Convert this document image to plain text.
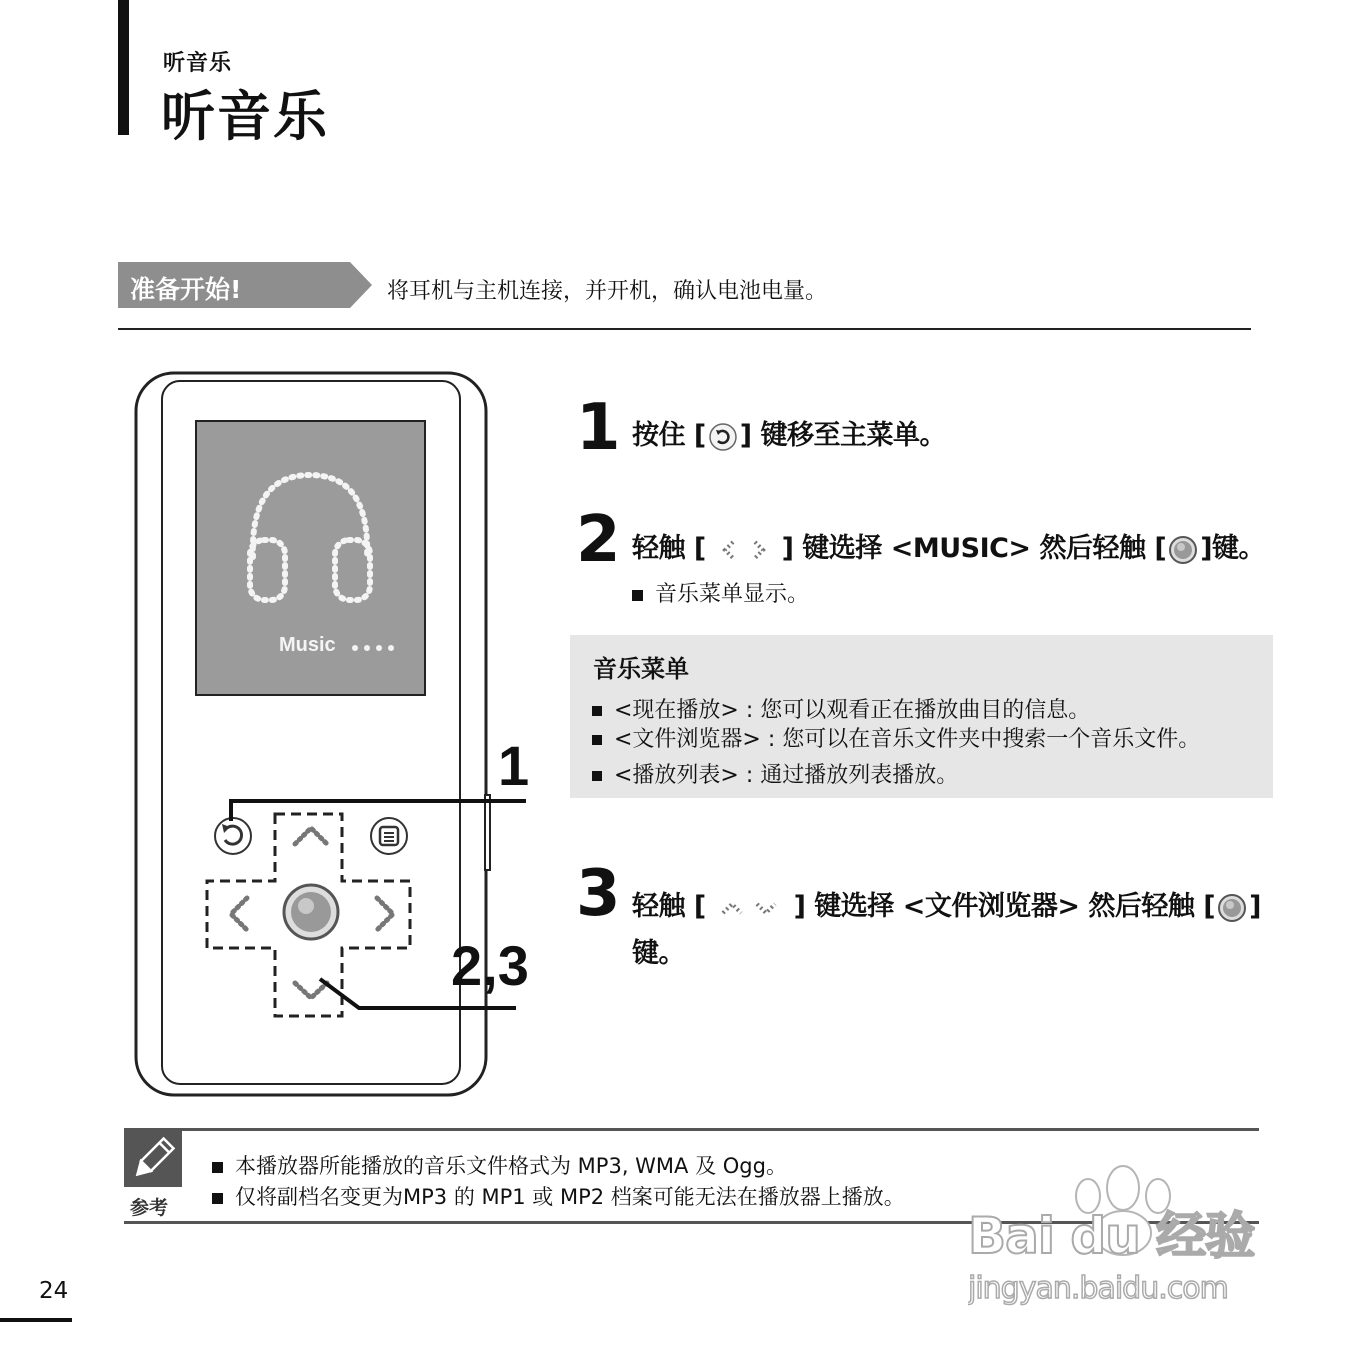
听音乐
听音乐
准备开始!	将耳机与主机连接，并开机，确认电池电量。
Music
1
2,3
1 按住 [ ] 键移至主菜单。
2 轻触 [	] 键选择 <MUSIC> 然后轻触 [ ]键。
音乐菜单显示。
音乐菜单
<现在播放> : 您可以观看正在播放曲目的信息。
<文件浏览器> : 您可以在音乐文件夹中搜索一个音乐文件。
<播放列表> : 通过播放列表播放。
3 轻触 [	] 键选择 <文件浏览器> 然后轻触 [ ]
键。
参考
本播放器所能播放的音乐文件格式为 MP3, WMA 及 Ogg。
仅将副档名变更为MP3 的 MP1 或 MP2 档案可能无法在播放器上播放。
Bai du 经验
jingyan.baidu.com
24
